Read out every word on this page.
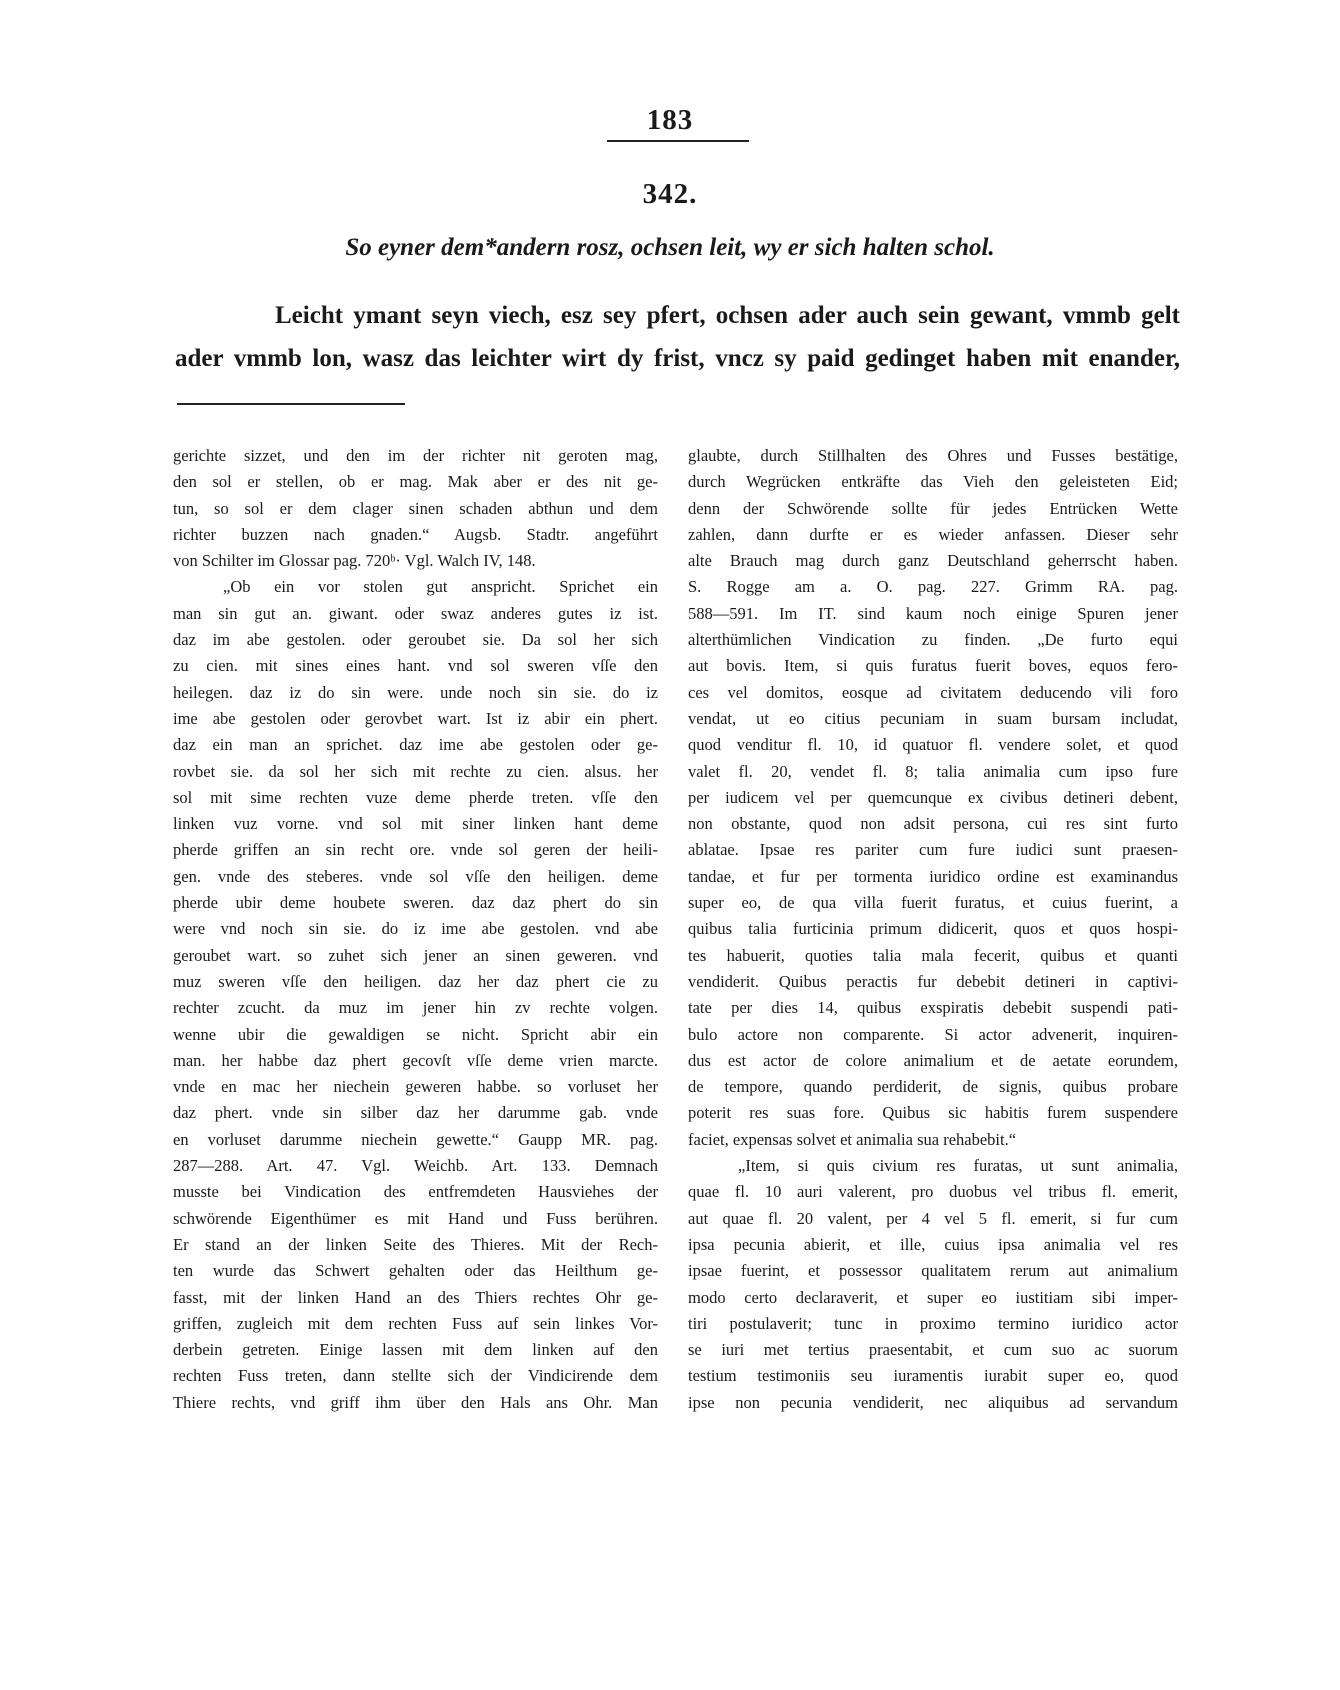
183
342.
So eyner dem*andern rosz, ochsen leit, wy er sich halten schol.

Leicht ymant seyn viech, esz sey pfert, ochsen ader auch sein gewant, vmmb gelt
ader vmmb lon, wasz das leichter wirt dy frist, vncz sy paid gedinget haben mit enander,

gerichte sizzet, und den im der richter nit geroten mag,
den sol er stellen, ob er mag. Mak aber er des nit ge-
tun, so sol er dem clager sinen schaden abthun und dem
richter buzzen nach gnaden.“ Augsb. Stadtr. angeführt
von Schilter im Glossar pag. 720ᵇ· Vgl. Walch IV, 148.
„Ob ein vor stolen gut anspricht. Sprichet ein
man sin gut an. giwant. oder swaz anderes gutes iz ist.
daz im abe gestolen. oder geroubet sie. Da sol her sich
zu cien. mit sines eines hant. vnd sol sweren vſſe den
heilegen. daz iz do sin were. unde noch sin sie. do iz
ime abe gestolen oder gerovbet wart. Ist iz abir ein phert.
daz ein man an sprichet. daz ime abe gestolen oder ge-
rovbet sie. da sol her sich mit rechte zu cien. alsus. her
sol mit sime rechten vuze deme pherde treten. vſſe den
linken vuz vorne. vnd sol mit siner linken hant deme
pherde griffen an sin recht ore. vnde sol geren der heili-
gen. vnde des steberes. vnde sol vſſe den heiligen. deme
pherde ubir deme houbete sweren. daz daz phert do sin
were vnd noch sin sie. do iz ime abe gestolen. vnd abe
geroubet wart. so zuhet sich jener an sinen geweren. vnd
muz sweren vſſe den heiligen. daz her daz phert cie zu
rechter zcucht. da muz im jener hin zv rechte volgen.
wenne ubir die gewaldigen se nicht. Spricht abir ein
man. her habbe daz phert gecovſt vſſe deme vrien marcte.
vnde en mac her niechein geweren habbe. so vorluset her
daz phert. vnde sin silber daz her darumme gab. vnde
en vorluset darumme niechein gewette.“ Gaupp MR. pag.
287—288. Art. 47. Vgl. Weichb. Art. 133. Demnach
musste bei Vindication des entfremdeten Hausviehes der
schwörende Eigenthümer es mit Hand und Fuss berühren.
Er stand an der linken Seite des Thieres. Mit der Rech-
ten wurde das Schwert gehalten oder das Heilthum ge-
fasst, mit der linken Hand an des Thiers rechtes Ohr ge-
griffen, zugleich mit dem rechten Fuss auf sein linkes Vor-
derbein getreten. Einige lassen mit dem linken auf den
rechten Fuss treten, dann stellte sich der Vindicirende dem
Thiere rechts, vnd griff ihm über den Hals ans Ohr. Man
glaubte, durch Stillhalten des Ohres und Fusses bestätige,
durch Wegrücken entkräfte das Vieh den geleisteten Eid;
denn der Schwörende sollte für jedes Entrücken Wette
zahlen, dann durfte er es wieder anfassen. Dieser sehr
alte Brauch mag durch ganz Deutschland geherrscht haben.
S. Rogge am a. O. pag. 227. Grimm RA. pag.
588—591. Im IT. sind kaum noch einige Spuren jener
alterthümlichen Vindication zu finden. „De furto equi
aut bovis. Item, si quis furatus fuerit boves, equos fero-
ces vel domitos, eosque ad civitatem deducendo vili foro
vendat, ut eo citius pecuniam in suam bursam includat,
quod venditur fl. 10, id quatuor fl. vendere solet, et quod
valet fl. 20, vendet fl. 8; talia animalia cum ipso fure
per iudicem vel per quemcunque ex civibus detineri debent,
non obstante, quod non adsit persona, cui res sint furto
ablatae. Ipsae res pariter cum fure iudici sunt praesen-
tandae, et fur per tormenta iuridico ordine est examinandus
super eo, de qua villa fuerit furatus, et cuius fuerint, a
quibus talia furticinia primum didicerit, quos et quos hospi-
tes habuerit, quoties talia mala fecerit, quibus et quanti
vendiderit. Quibus peractis fur debebit detineri in captivi-
tate per dies 14, quibus exspiratis debebit suspendi pati-
bulo actore non comparente. Si actor advenerit, inquiren-
dus est actor de colore animalium et de aetate eorundem,
de tempore, quando perdiderit, de signis, quibus probare
poterit res suas fore. Quibus sic habitis furem suspendere
faciet, expensas solvet et animalia sua rehabebit.“
„Item, si quis civium res furatas, ut sunt animalia,
quae fl. 10 auri valerent, pro duobus vel tribus fl. emerit,
aut quae fl. 20 valent, per 4 vel 5 fl. emerit, si fur cum
ipsa pecunia abierit, et ille, cuius ipsa animalia vel res
ipsae fuerint, et possessor qualitatem rerum aut animalium
modo certo declaraverit, et super eo iustitiam sibi imper-
tiri postulaverit; tunc in proximo termino iuridico actor
se iuri met tertius praesentabit, et cum suo ac suorum
testium testimoniis seu iuramentis iurabit super eo, quod
ipse non pecunia vendiderit, nec aliquibus ad servandum
